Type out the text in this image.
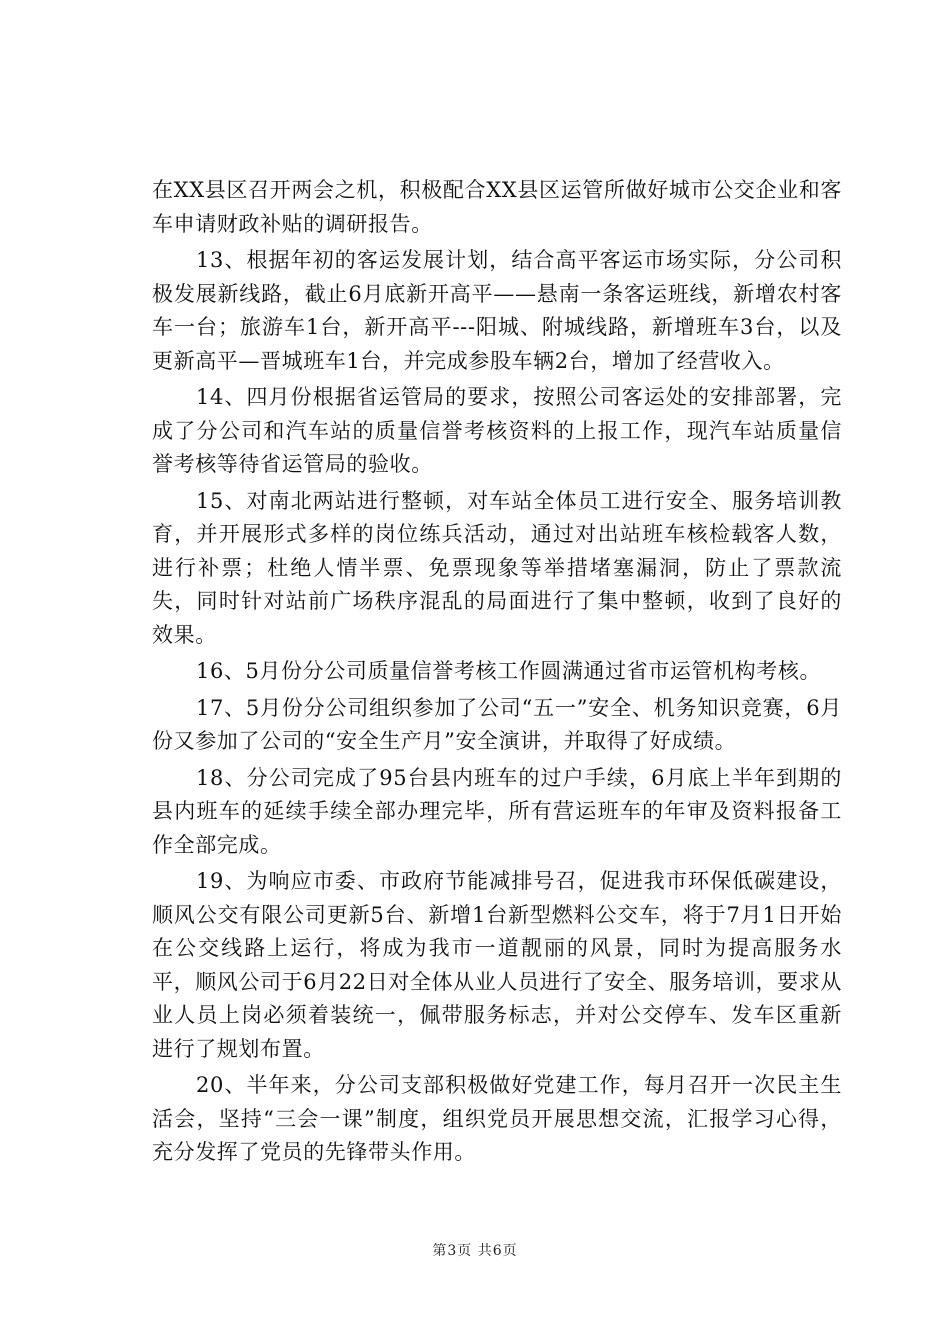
在XX县区召开两会之机，积极配合XX县区运管所做好城市公交企业和客车申请财政补贴的调研报告。

13、根据年初的客运发展计划，结合高平客运市场实际，分公司积极发展新线路，截止6月底新开高平——悬南一条客运班线，新增农村客车一台；旅游车1台，新开高平---阳城、附城线路，新增班车3台，以及更新高平—晋城班车1台，并完成参股车辆2台，增加了经营收入。

14、四月份根据省运管局的要求，按照公司客运处的安排部署，完成了分公司和汽车站的质量信誉考核资料的上报工作，现汽车站质量信誉考核等待省运管局的验收。

15、对南北两站进行整顿，对车站全体员工进行安全、服务培训教育，并开展形式多样的岗位练兵活动，通过对出站班车核检载客人数，进行补票；杜绝人情半票、免票现象等举措堵塞漏洞，防止了票款流失，同时针对站前广场秩序混乱的局面进行了集中整顿，收到了良好的效果。

16、5月份分公司质量信誉考核工作圆满通过省市运管机构考核。

17、5月份分公司组织参加了公司“五一”安全、机务知识竞赛，6月份又参加了公司的“安全生产月”安全演讲，并取得了好成绩。

18、分公司完成了95台县内班车的过户手续，6月底上半年到期的县内班车的延续手续全部办理完毕，所有营运班车的年审及资料报备工作全部完成。

19、为响应市委、市政府节能减排号召，促进我市环保低碳建设，顺风公交有限公司更新5台、新增1台新型燃料公交车，将于7月1日开始在公交线路上运行，将成为我市一道靓丽的风景，同时为提高服务水平，顺风公司于6月22日对全体从业人员进行了安全、服务培训，要求从业人员上岗必须着装统一，佩带服务标志，并对公交停车、发车区重新进行了规划布置。

20、半年来，分公司支部积极做好党建工作，每月召开一次民主生活会，坚持“三会一课”制度，组织党员开展思想交流，汇报学习心得，充分发挥了党员的先锋带头作用。

第3页 共6页
